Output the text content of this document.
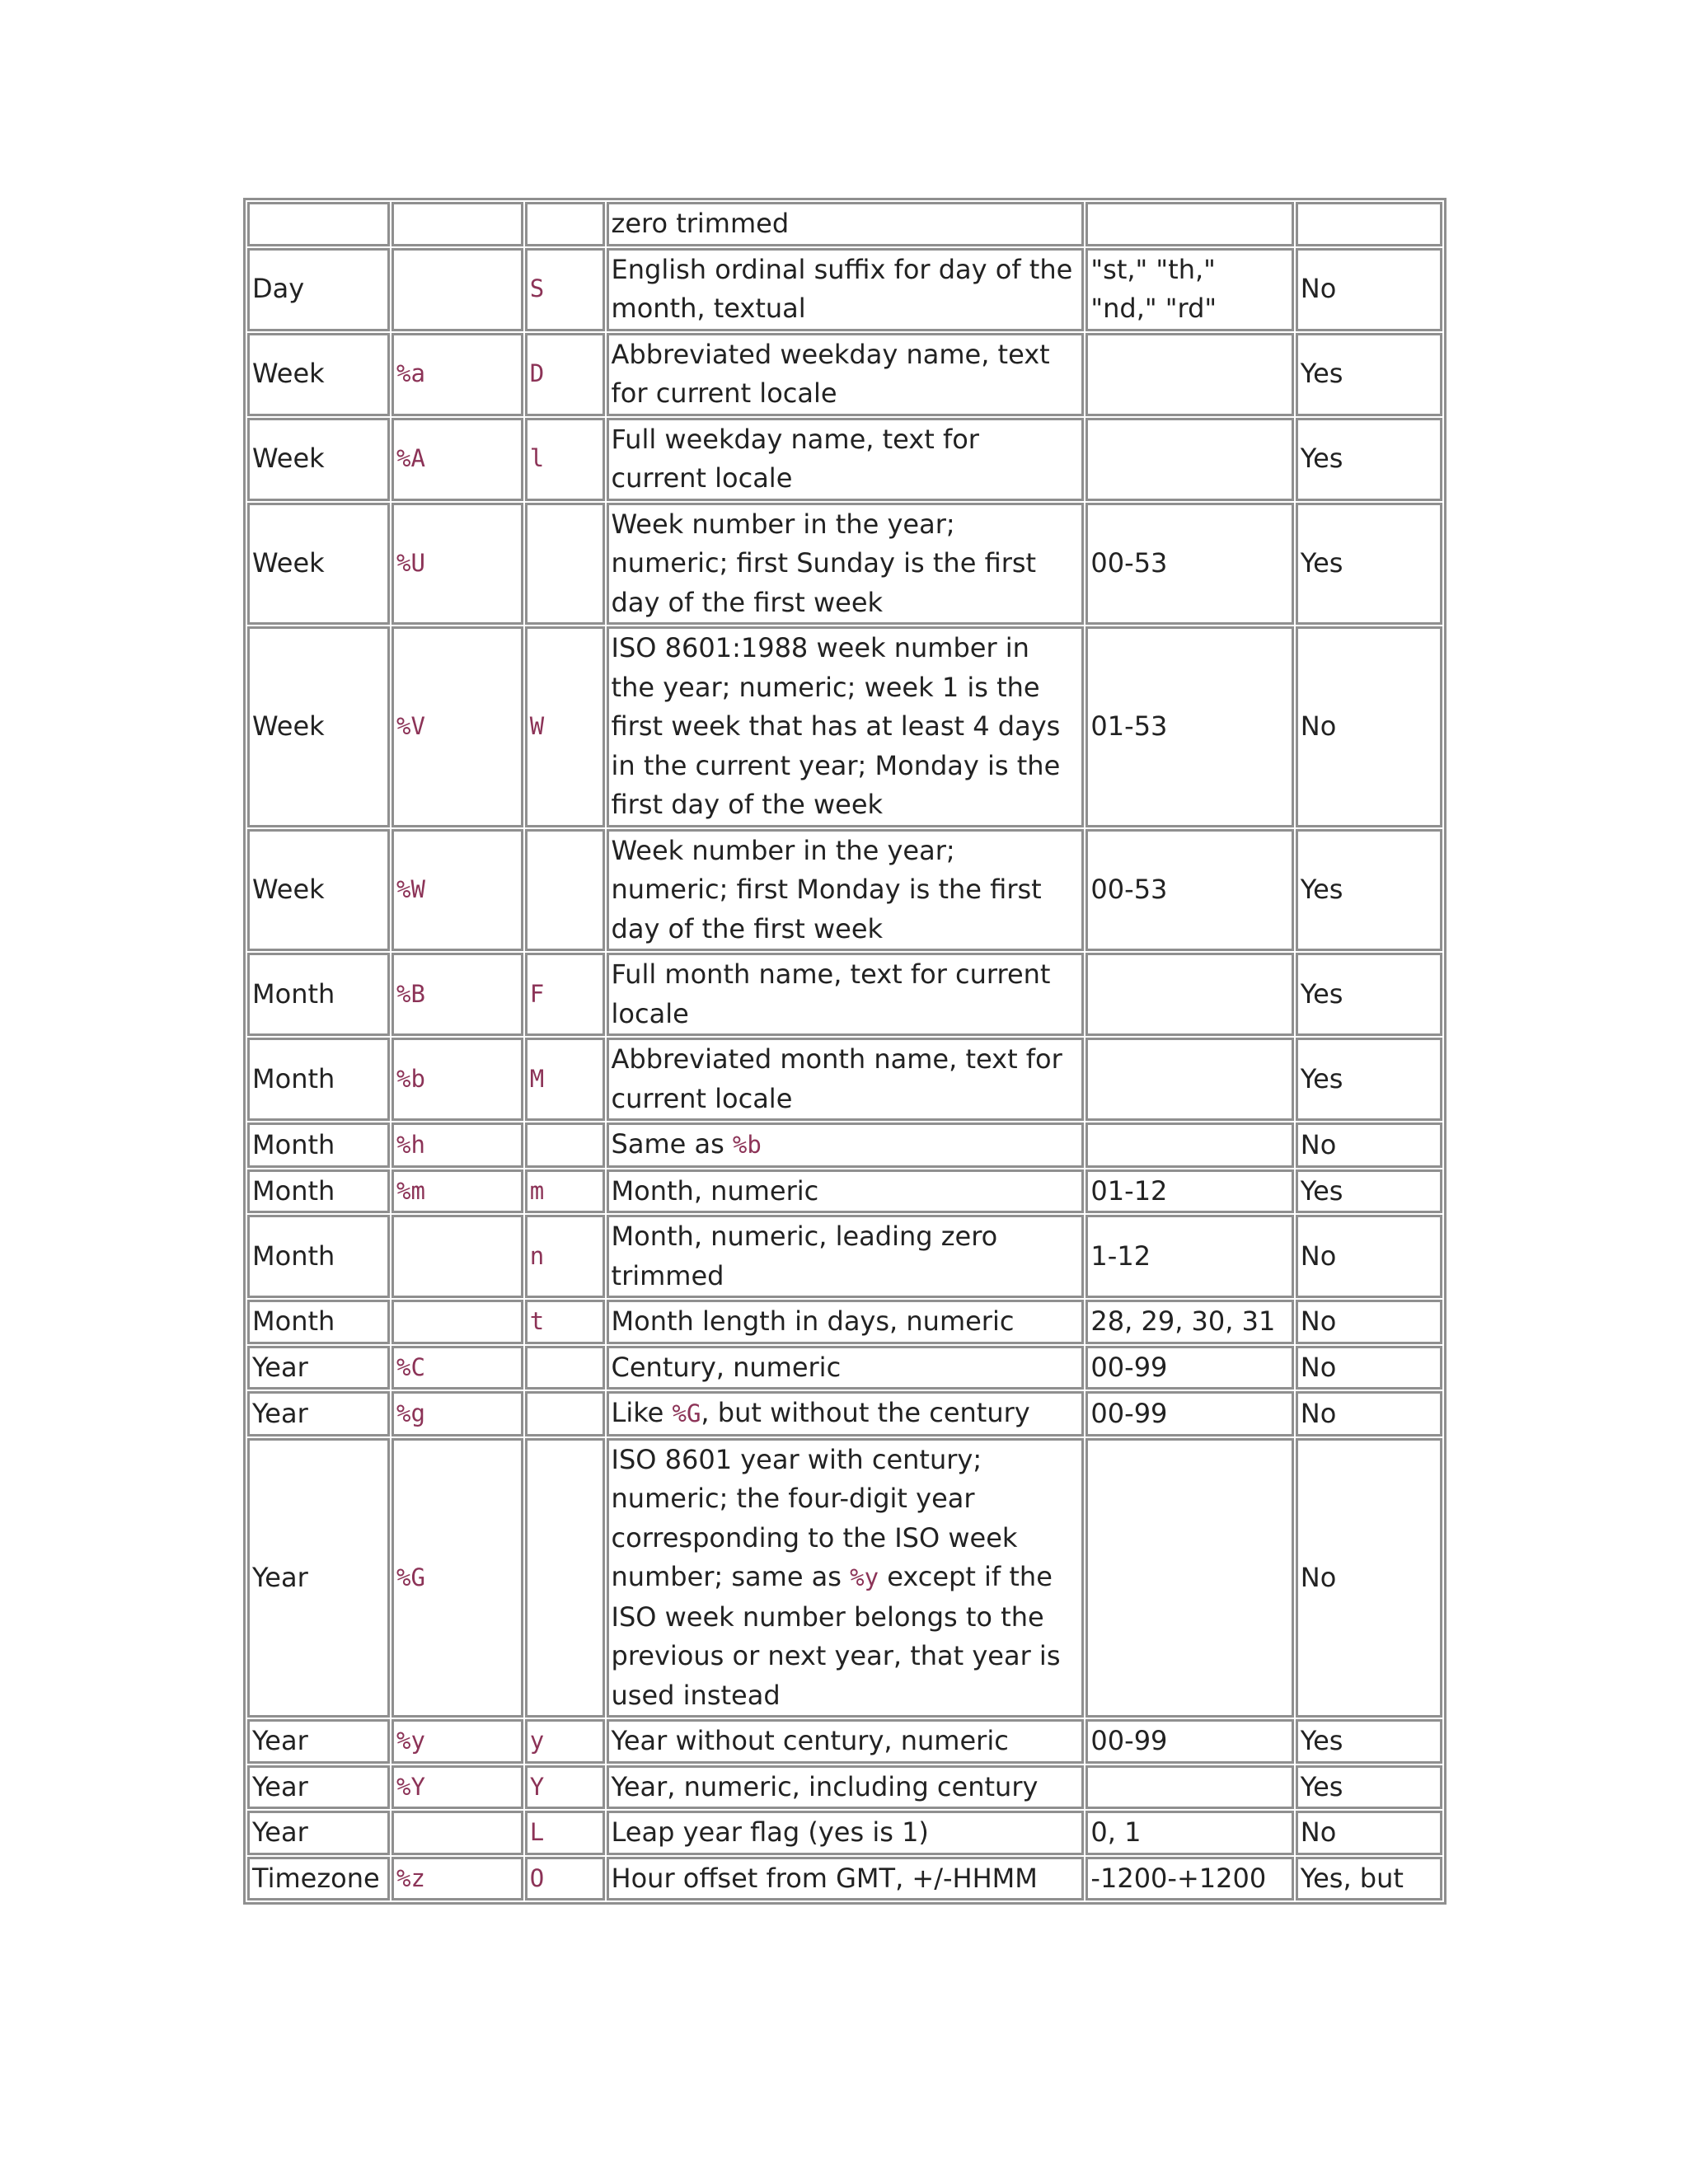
			zero trimmed		
Day		S	English ordinal suffix for day of the month, textual	"st," "th," "nd," "rd"	No
Week	%a	D	Abbreviated weekday name, text for current locale		Yes
Week	%A	l	Full weekday name, text for current locale		Yes
Week	%U		Week number in the year; numeric; first Sunday is the first day of the first week	00-53	Yes
Week	%V	W	ISO 8601:1988 week number in the year; numeric; week 1 is the first week that has at least 4 days in the current year; Monday is the first day of the week	01-53	No
Week	%W		Week number in the year; numeric; first Monday is the first day of the first week	00-53	Yes
Month	%B	F	Full month name, text for current locale		Yes
Month	%b	M	Abbreviated month name, text for current locale		Yes
Month	%h		Same as %b		No
Month	%m	m	Month, numeric	01-12	Yes
Month		n	Month, numeric, leading zero trimmed	1-12	No
Month		t	Month length in days, numeric	28, 29, 30, 31	No
Year	%C		Century, numeric	00-99	No
Year	%g		Like %G, but without the century	00-99	No
Year	%G		ISO 8601 year with century; numeric; the four-digit year corresponding to the ISO week number; same as %y except if the ISO week number belongs to the previous or next year, that year is used instead		No
Year	%y	y	Year without century, numeric	00-99	Yes
Year	%Y	Y	Year, numeric, including century		Yes
Year		L	Leap year flag (yes is 1)	0, 1	No
Timezone	%z	O	Hour offset from GMT, +/-HHMM	-1200-+1200	Yes, but
